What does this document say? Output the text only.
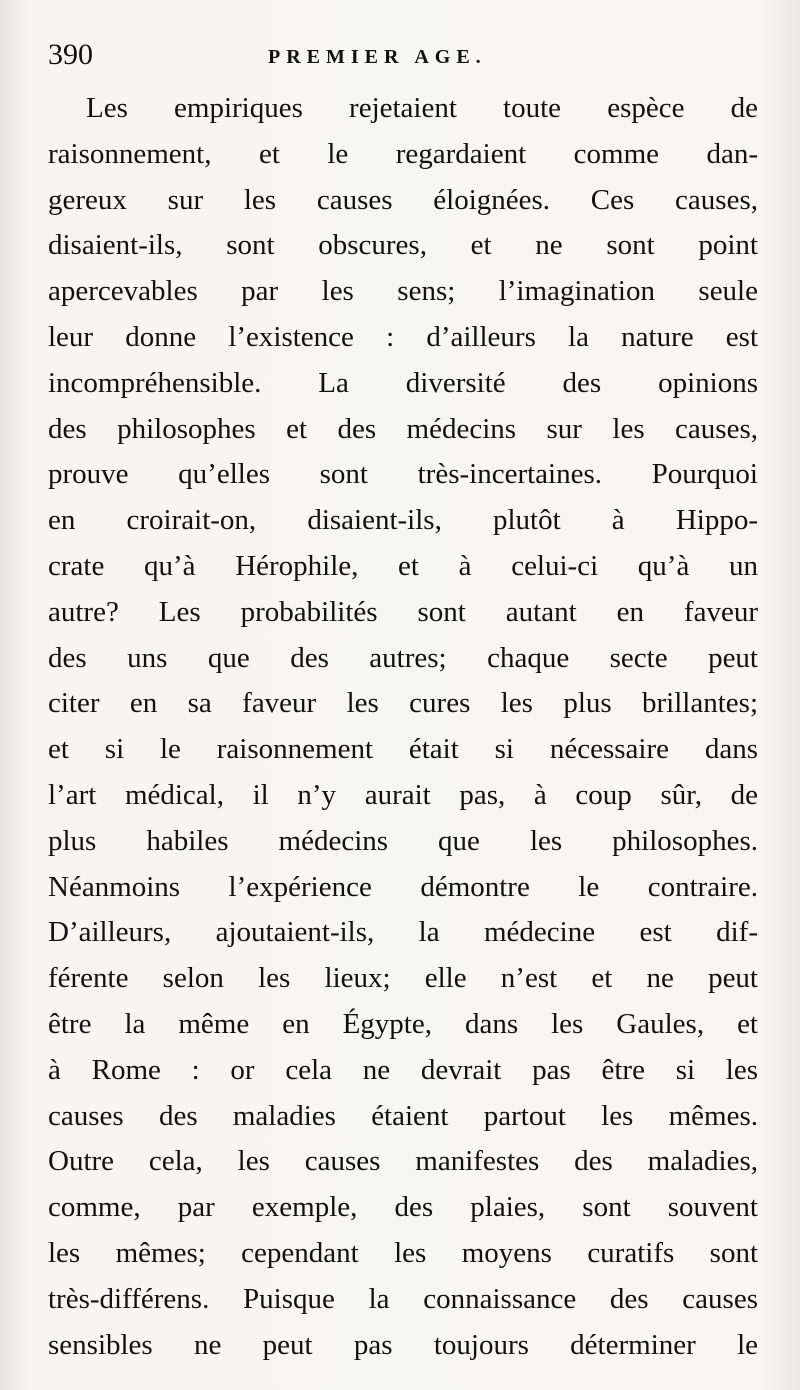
390	PREMIER AGE.
Les empiriques rejetaient toute espèce de
raisonnement, et le regardaient comme dan-
gereux sur les causes éloignées. Ces causes,
disaient-ils, sont obscures, et ne sont point
apercevables par les sens; l’imagination seule
leur donne l’existence : d’ailleurs la nature est
incompréhensible. La diversité des opinions
des philosophes et des médecins sur les causes,
prouve qu’elles sont très-incertaines. Pourquoi
en croirait-on, disaient-ils, plutôt à Hippo-
crate qu’à Hérophile, et à celui-ci qu’à un
autre? Les probabilités sont autant en faveur
des uns que des autres; chaque secte peut
citer en sa faveur les cures les plus brillantes;
et si le raisonnement était si nécessaire dans
l’art médical, il n’y aurait pas, à coup sûr, de
plus habiles médecins que les philosophes.
Néanmoins l’expérience démontre le contraire.
D’ailleurs, ajoutaient-ils, la médecine est dif-
férente selon les lieux; elle n’est et ne peut
être la même en Égypte, dans les Gaules, et
à Rome : or cela ne devrait pas être si les
causes des maladies étaient partout les mêmes.
Outre cela, les causes manifestes des maladies,
comme, par exemple, des plaies, sont souvent
les mêmes; cependant les moyens curatifs sont
très-différens. Puisque la connaissance des causes
sensibles ne peut pas toujours déterminer le
